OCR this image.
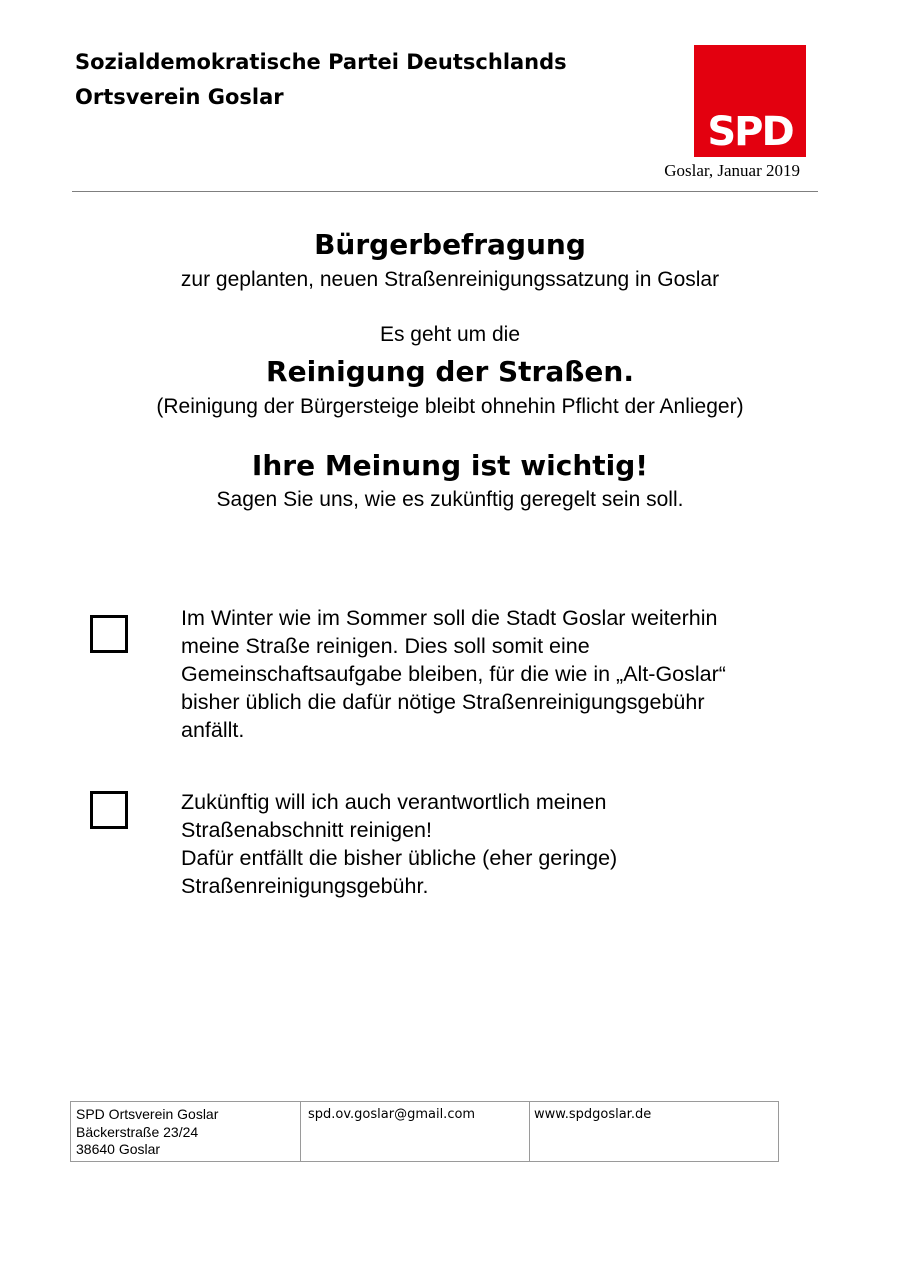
Sozialdemokratische Partei Deutschlands
Ortsverein Goslar
SPD
Goslar, Januar 2019
Bürgerbefragung
zur geplanten, neuen Straßenreinigungssatzung in Goslar
Es geht um die
Reinigung der Straßen.
(Reinigung der Bürgersteige bleibt ohnehin Pflicht der Anlieger)
Ihre Meinung ist wichtig!
Sagen Sie uns, wie es zukünftig geregelt sein soll.
Im Winter wie im Sommer soll die Stadt Goslar weiterhin
meine Straße reinigen. Dies soll somit eine
Gemeinschaftsaufgabe bleiben, für die wie in „Alt-Goslar“
bisher üblich die dafür nötige Straßenreinigungsgebühr
anfällt.
Zukünftig will ich auch verantwortlich meinen
Straßenabschnitt reinigen!
Dafür entfällt die bisher übliche (eher geringe)
Straßenreinigungsgebühr.
SPD Ortsverein Goslar
Bäckerstraße 23/24
38640 Goslar
spd.ov.goslar@gmail.com	www.spdgoslar.de
